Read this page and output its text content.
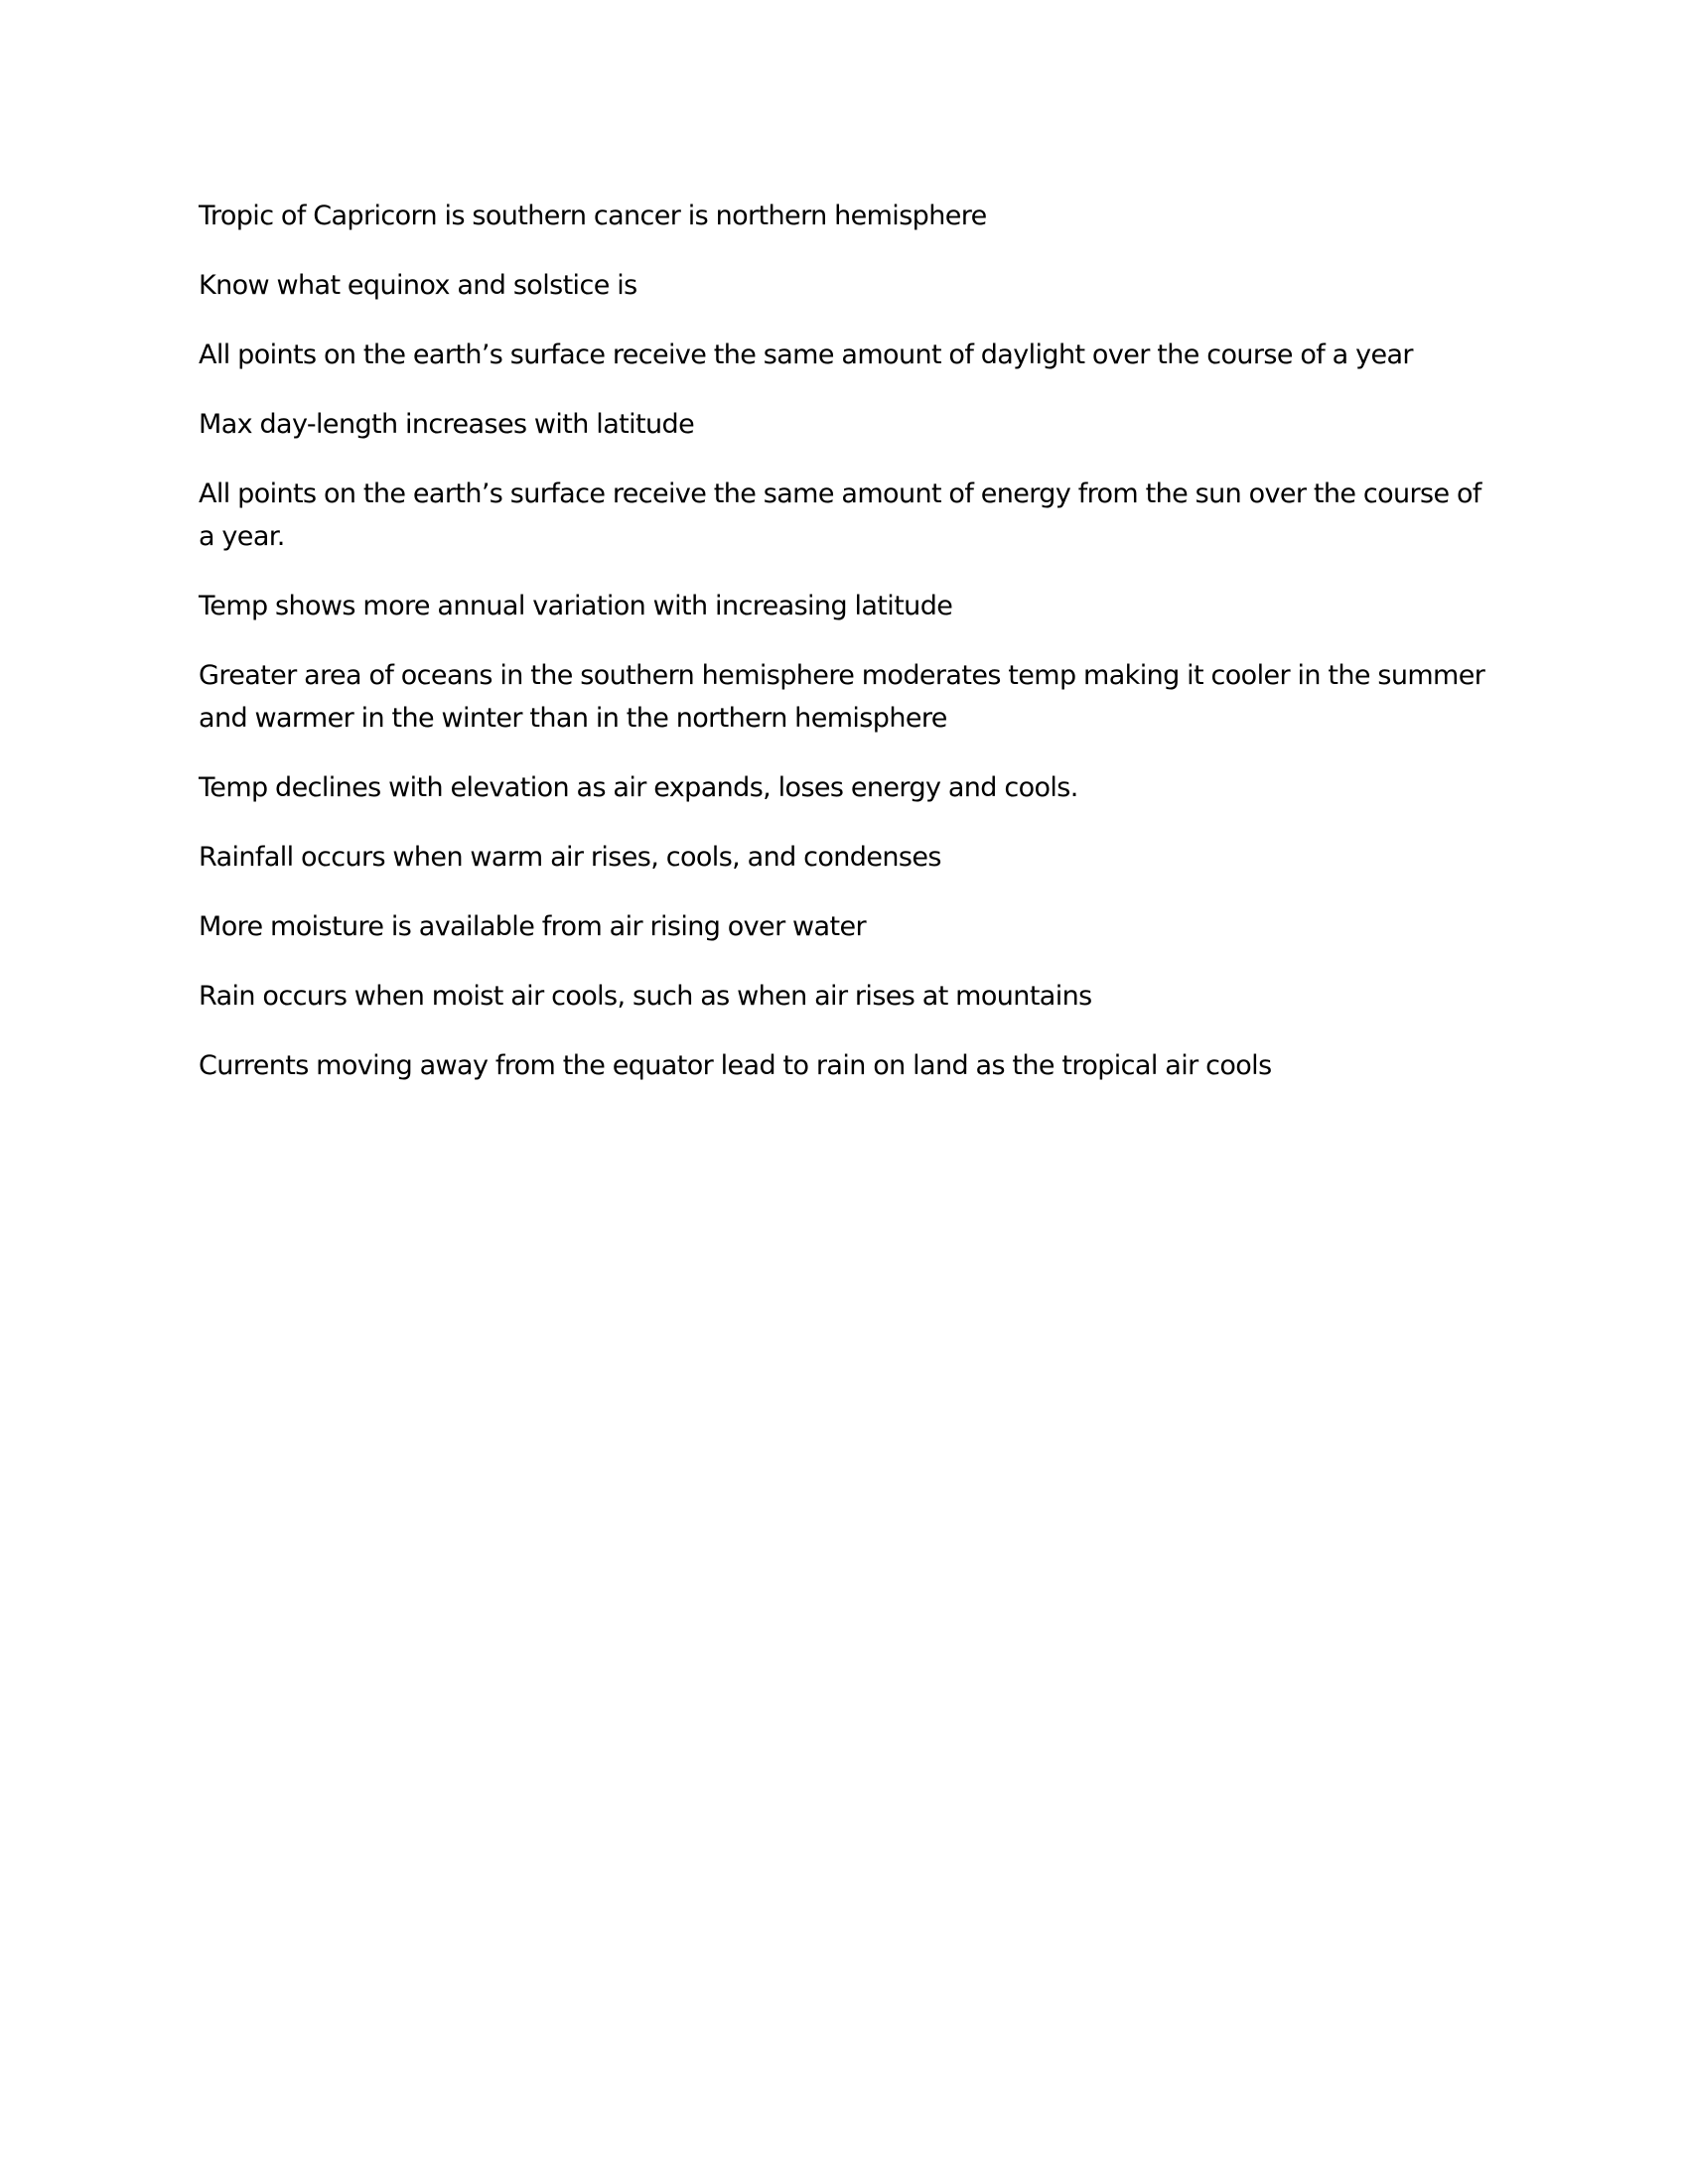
Tropic of Capricorn is southern cancer is northern hemisphere

Know what equinox and solstice is

All points on the earth’s surface receive the same amount of daylight over the course of a year

Max day-length increases with latitude

All points on the earth’s surface receive the same amount of energy from the sun over the course of a year.

Temp shows more annual variation with increasing latitude

Greater area of oceans in the southern hemisphere moderates temp making it cooler in the summer and warmer in the winter than in the northern hemisphere

Temp declines with elevation as air expands, loses energy and cools.

Rainfall occurs when warm air rises, cools, and condenses

More moisture is available from air rising over water

Rain occurs when moist air cools, such as when air rises at mountains

Currents moving away from the equator lead to rain on land as the tropical air cools
